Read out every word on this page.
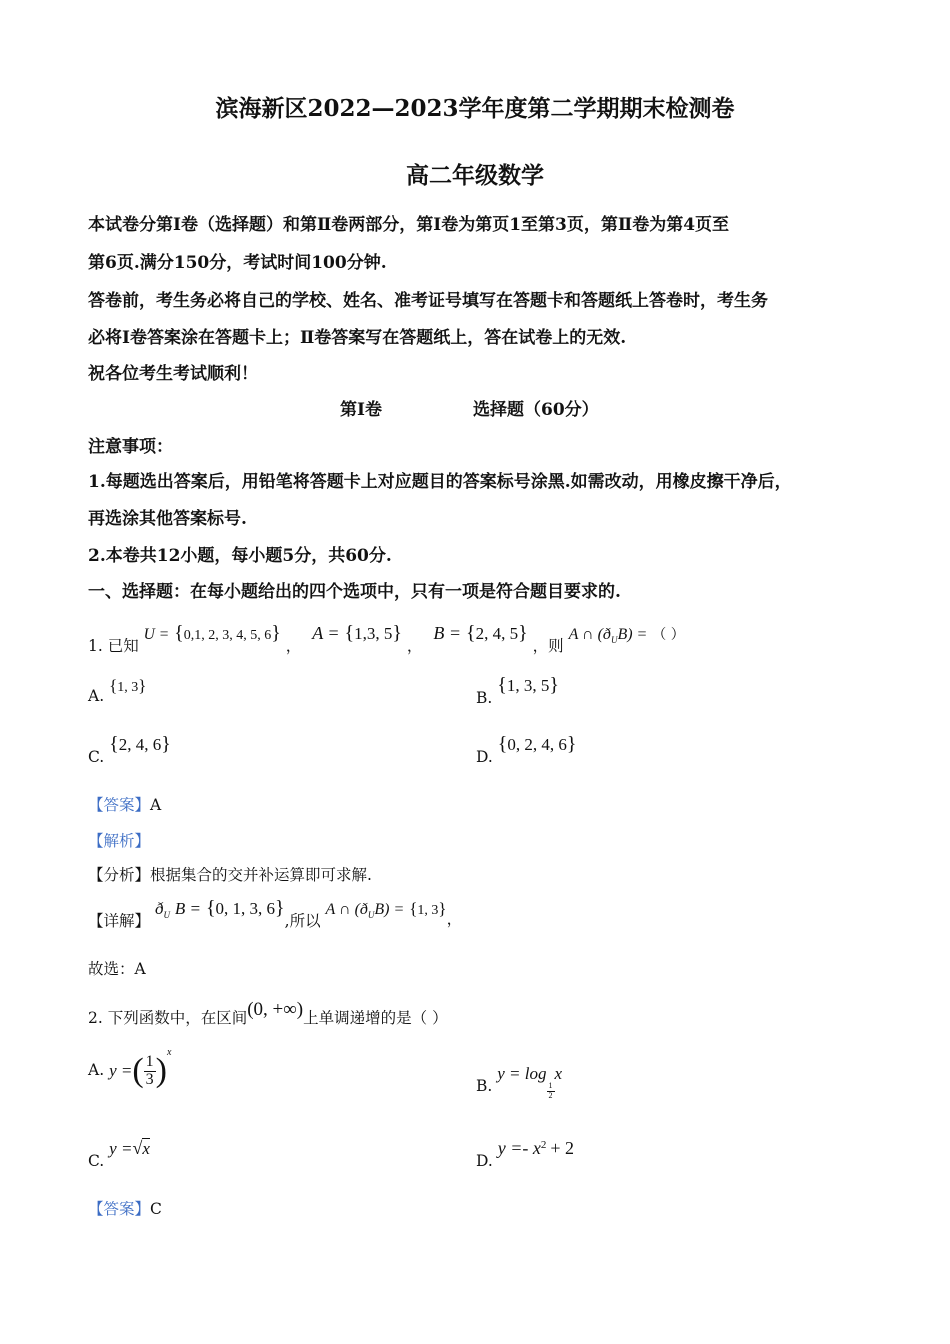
滨海新区2022—2023学年度第二学期期末检测卷
高二年级数学
本试卷分第Ⅰ卷（选择题）和第Ⅱ卷两部分，第Ⅰ卷为第页1至第3页，第Ⅱ卷为第4页至
第6页.满分150分，考试时间100分钟.
答卷前，考生务必将自己的学校、姓名、准考证号填写在答题卡和答题纸上答卷时，考生务
必将Ⅰ卷答案涂在答题卡上；Ⅱ卷答案写在答题纸上，答在试卷上的无效.
祝各位考生考试顺利！
第Ⅰ卷	选择题（60分）
注意事项：
1.每题选出答案后，用铅笔将答题卡上对应题目的答案标号涂黑.如需改动，用橡皮擦干净后，
再选涂其他答案标号.
2.本卷共12小题，每小题5分，共60分.
一、选择题：在每小题给出的四个选项中，只有一项是符合题目要求的.
1. 已知 U = {0,1, 2, 3, 4, 5, 6} ， A = {1,3, 5} ， B = {2, 4, 5} ，则 A ∩ $(ð_UB)$ = （ ）
A. {1, 3}
B. {1, 3, 5}
C. {2, 4, 6}
D. {0, 2, 4, 6}
【答案】A
【解析】
【分析】根据集合的交并补运算即可求解.
【详解】 $ð_U$ B = {0, 1, 3, 6},所以 A ∩ $(ð_UB) = \{1$, 3}，
故选：A
2. 下列函数中，在区间(0, +∞)上单调递增的是（ ）
A. y =( $\frac{1}{3} )^x$
B. y = log
$\frac{1}{2}$
x
C. y =√x
D. $y =- x^2 + 2$
【答案】C
